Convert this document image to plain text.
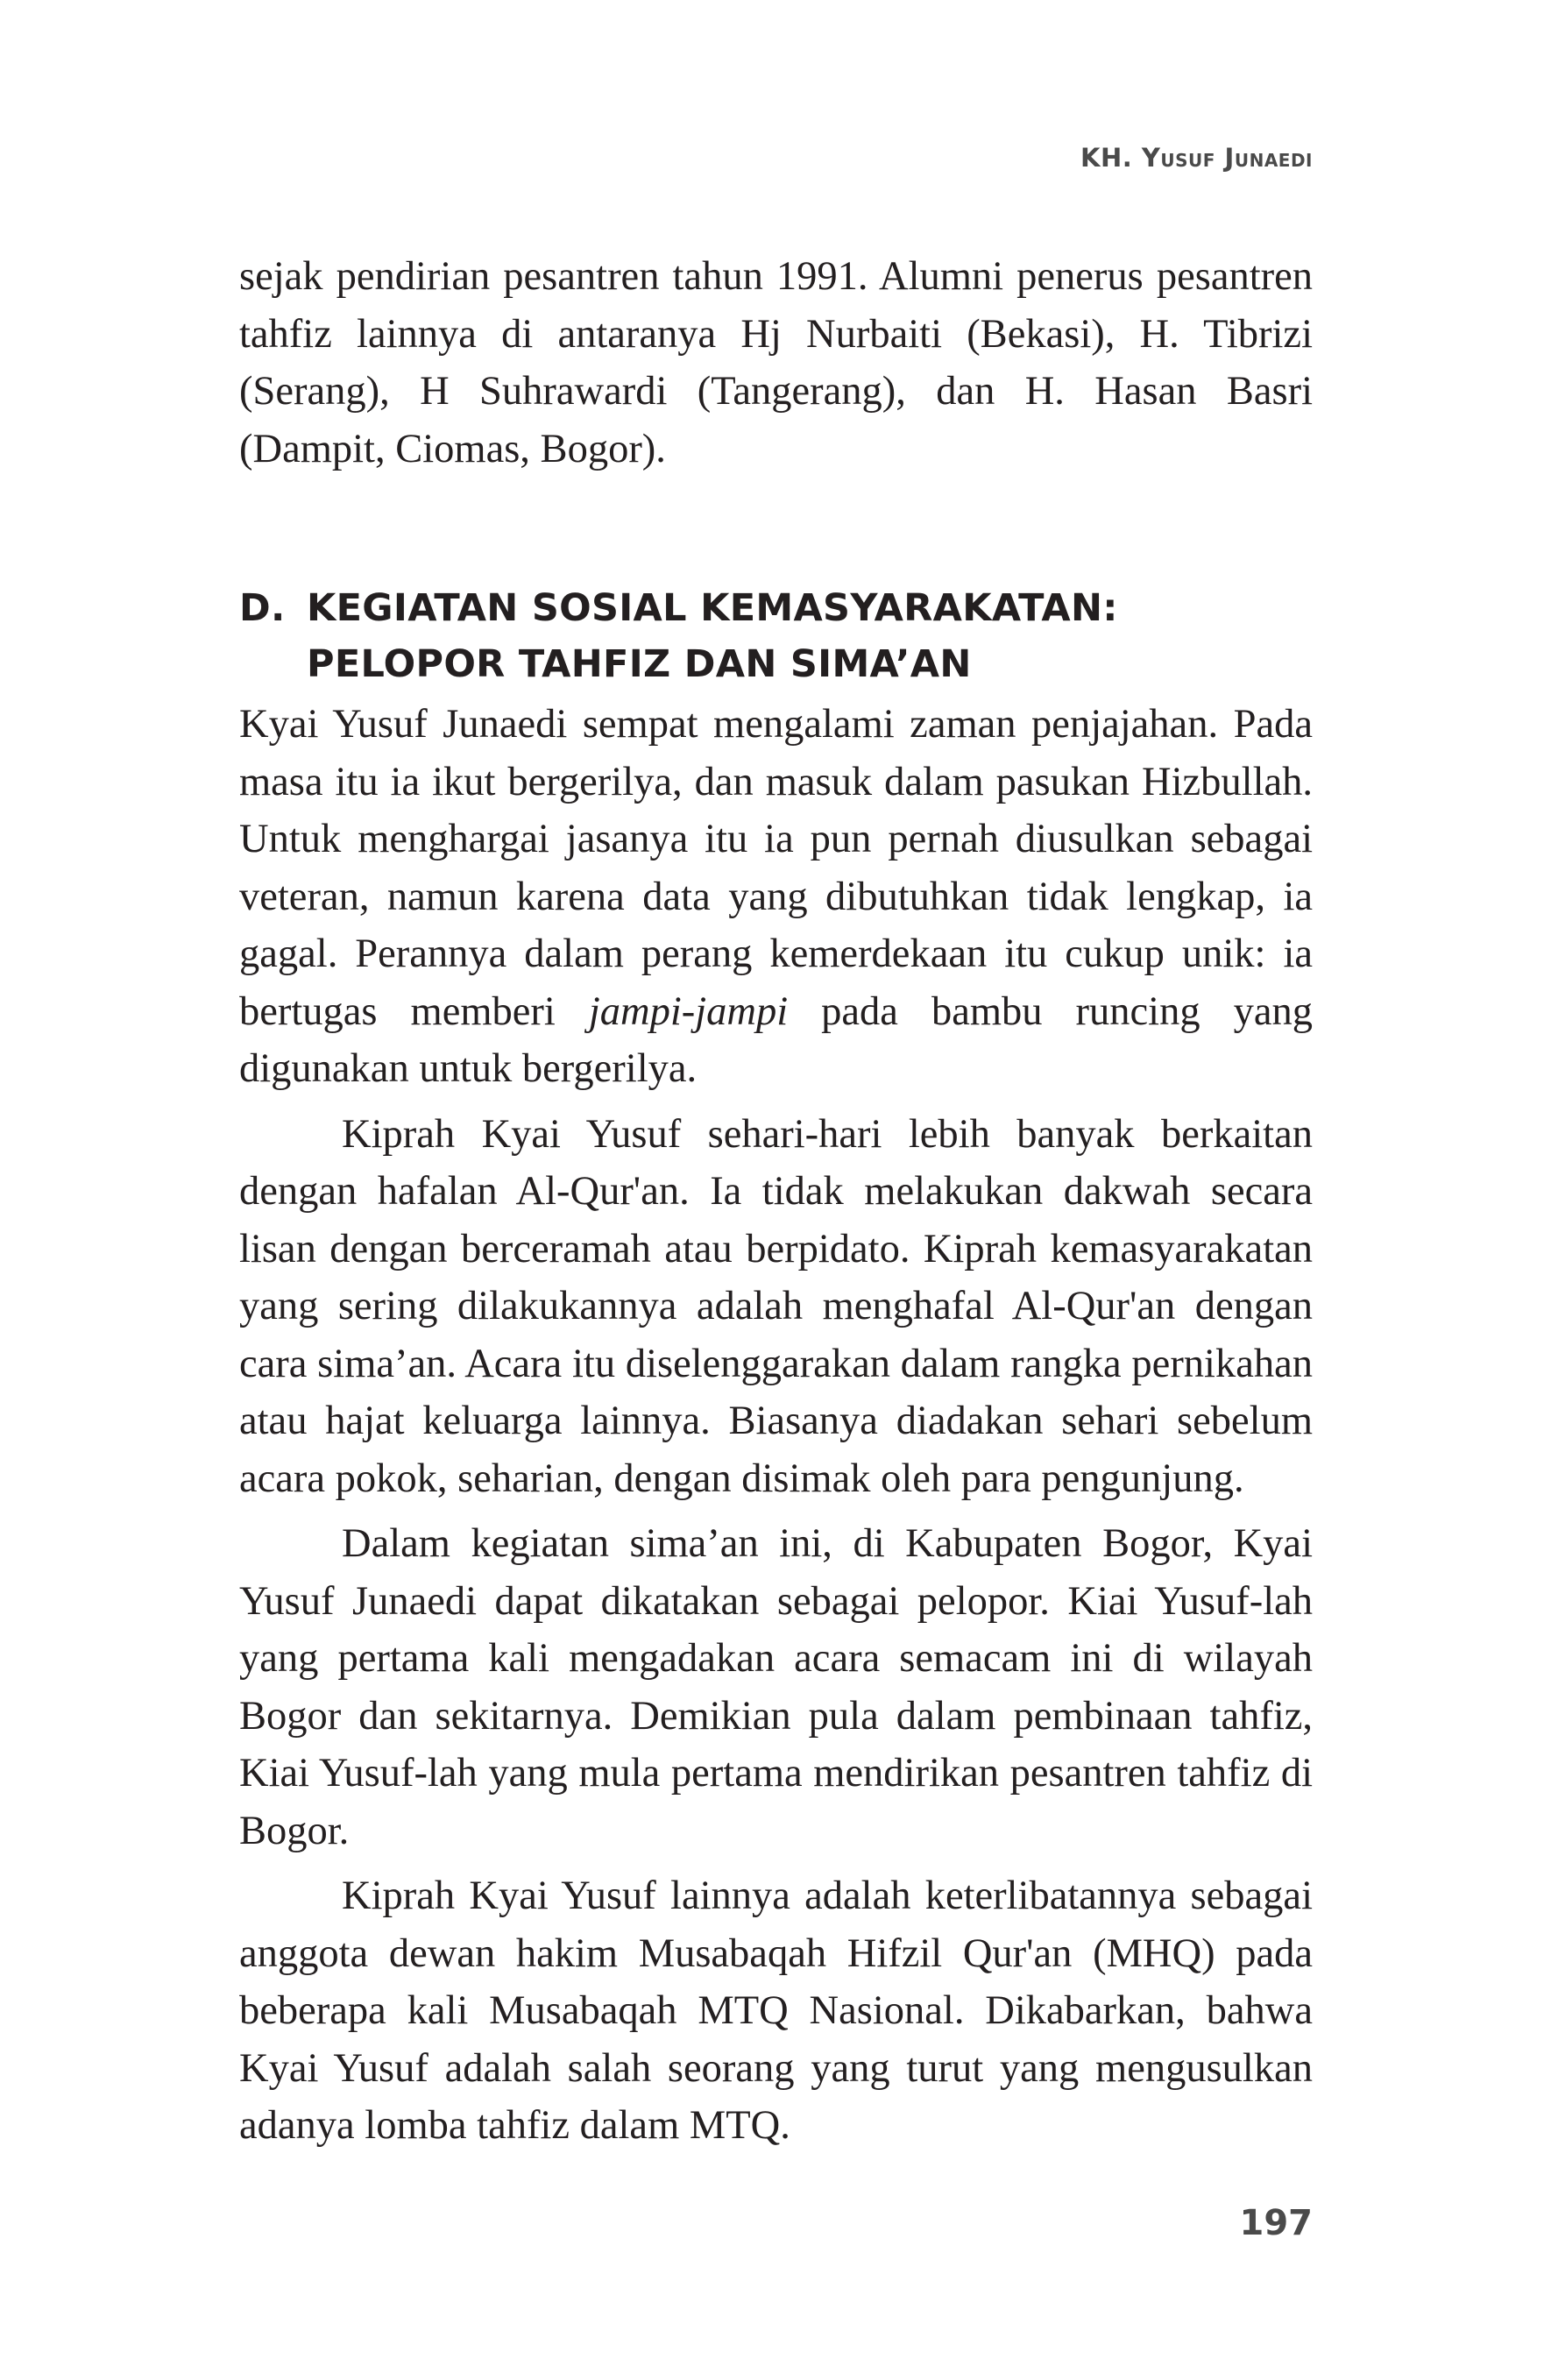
KH. Yusuf Junaedi

sejak pendirian pesantren tahun 1991. Alumni penerus pesantren tahfiz lainnya di antaranya Hj Nurbaiti (Bekasi), H. Tibrizi (Serang), H Suhrawardi (Tangerang), dan H. Hasan Basri (Dampit, Ciomas, Bogor).

D. KEGIATAN SOSIAL KEMASYARAKATAN:
PELOPOR TAHFIZ DAN SIMA’AN

Kyai Yusuf Junaedi sempat mengalami zaman penjajahan. Pada masa itu ia ikut bergerilya, dan masuk dalam pasukan Hizbullah. Untuk menghargai jasanya itu ia pun pernah diusulkan sebagai veteran, namun karena data yang dibutuhkan tidak lengkap, ia gagal. Perannya dalam perang kemerdekaan itu cukup unik: ia bertugas memberi jampi-jampi pada bambu runcing yang digunakan untuk bergerilya.

Kiprah Kyai Yusuf sehari-hari lebih banyak berkaitan dengan hafalan Al-Qur'an. Ia tidak melakukan dakwah secara lisan dengan berceramah atau berpidato. Kiprah kemasyarakatan yang sering dilakukannya adalah menghafal Al-Qur'an dengan cara sima’an. Acara itu diselenggarakan dalam rangka pernikahan atau hajat keluarga lainnya. Biasanya diadakan sehari sebelum acara pokok, seharian, dengan disimak oleh para pengunjung.

Dalam kegiatan sima’an ini, di Kabupaten Bogor, Kyai Yusuf Junaedi dapat dikatakan sebagai pelopor. Kiai Yusuf-lah yang pertama kali mengadakan acara semacam ini di wilayah Bogor dan sekitarnya. Demikian pula dalam pembinaan tahfiz, Kiai Yusuf-lah yang mula pertama mendirikan pesantren tahfiz di Bogor.

Kiprah Kyai Yusuf lainnya adalah keterlibatannya sebagai anggota dewan hakim Musabaqah Hifzil Qur'an (MHQ) pada beberapa kali Musabaqah MTQ Nasional. Dikabarkan, bahwa Kyai Yusuf adalah salah seorang yang turut yang mengusulkan adanya lomba tahfiz dalam MTQ.

197
